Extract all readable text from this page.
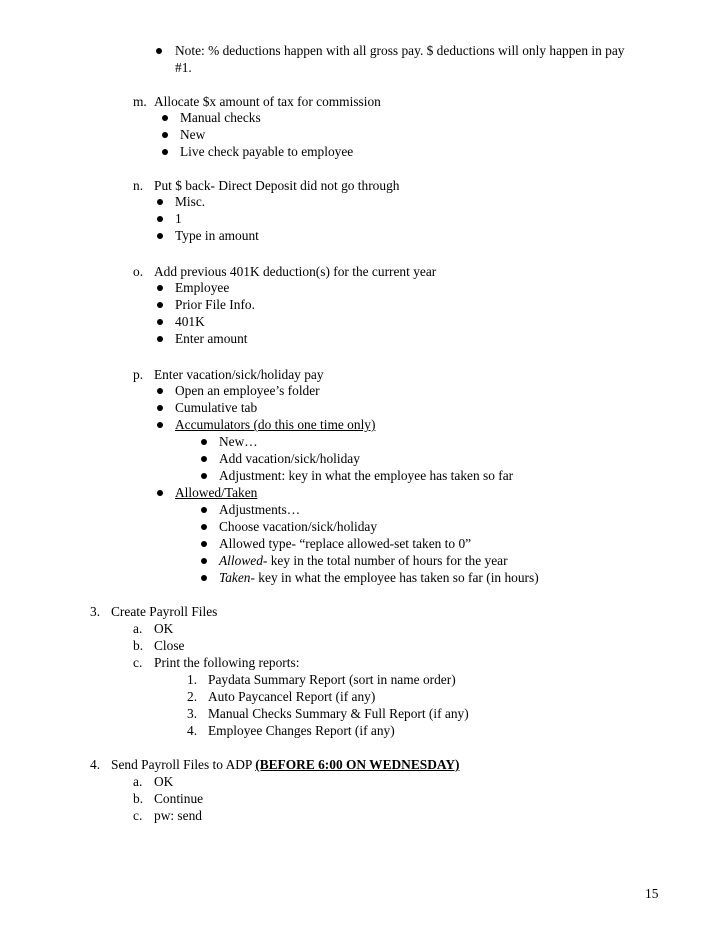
Note: % deductions happen with all gross pay. $ deductions will only happen in pay
#1.
m. Allocate $x amount of tax for commission
Manual checks
New
Live check payable to employee
n. Put $ back- Direct Deposit did not go through
Misc.
1
Type in amount
o. Add previous 401K deduction(s) for the current year
Employee
Prior File Info.
401K
Enter amount
p. Enter vacation/sick/holiday pay
Open an employee’s folder
Cumulative tab
Accumulators (do this one time only)
New…
Add vacation/sick/holiday
Adjustment: key in what the employee has taken so far
Allowed/Taken
Adjustments…
Choose vacation/sick/holiday
Allowed type- “replace allowed-set taken to 0”
Allowed- key in the total number of hours for the year
Taken- key in what the employee has taken so far (in hours)
3. Create Payroll Files
a. OK
b. Close
c. Print the following reports:
1. Paydata Summary Report (sort in name order)
2. Auto Paycancel Report (if any)
3. Manual Checks Summary & Full Report (if any)
4. Employee Changes Report (if any)
4. Send Payroll Files to ADP (BEFORE 6:00 ON WEDNESDAY)
a. OK
b. Continue
c. pw: send
15
